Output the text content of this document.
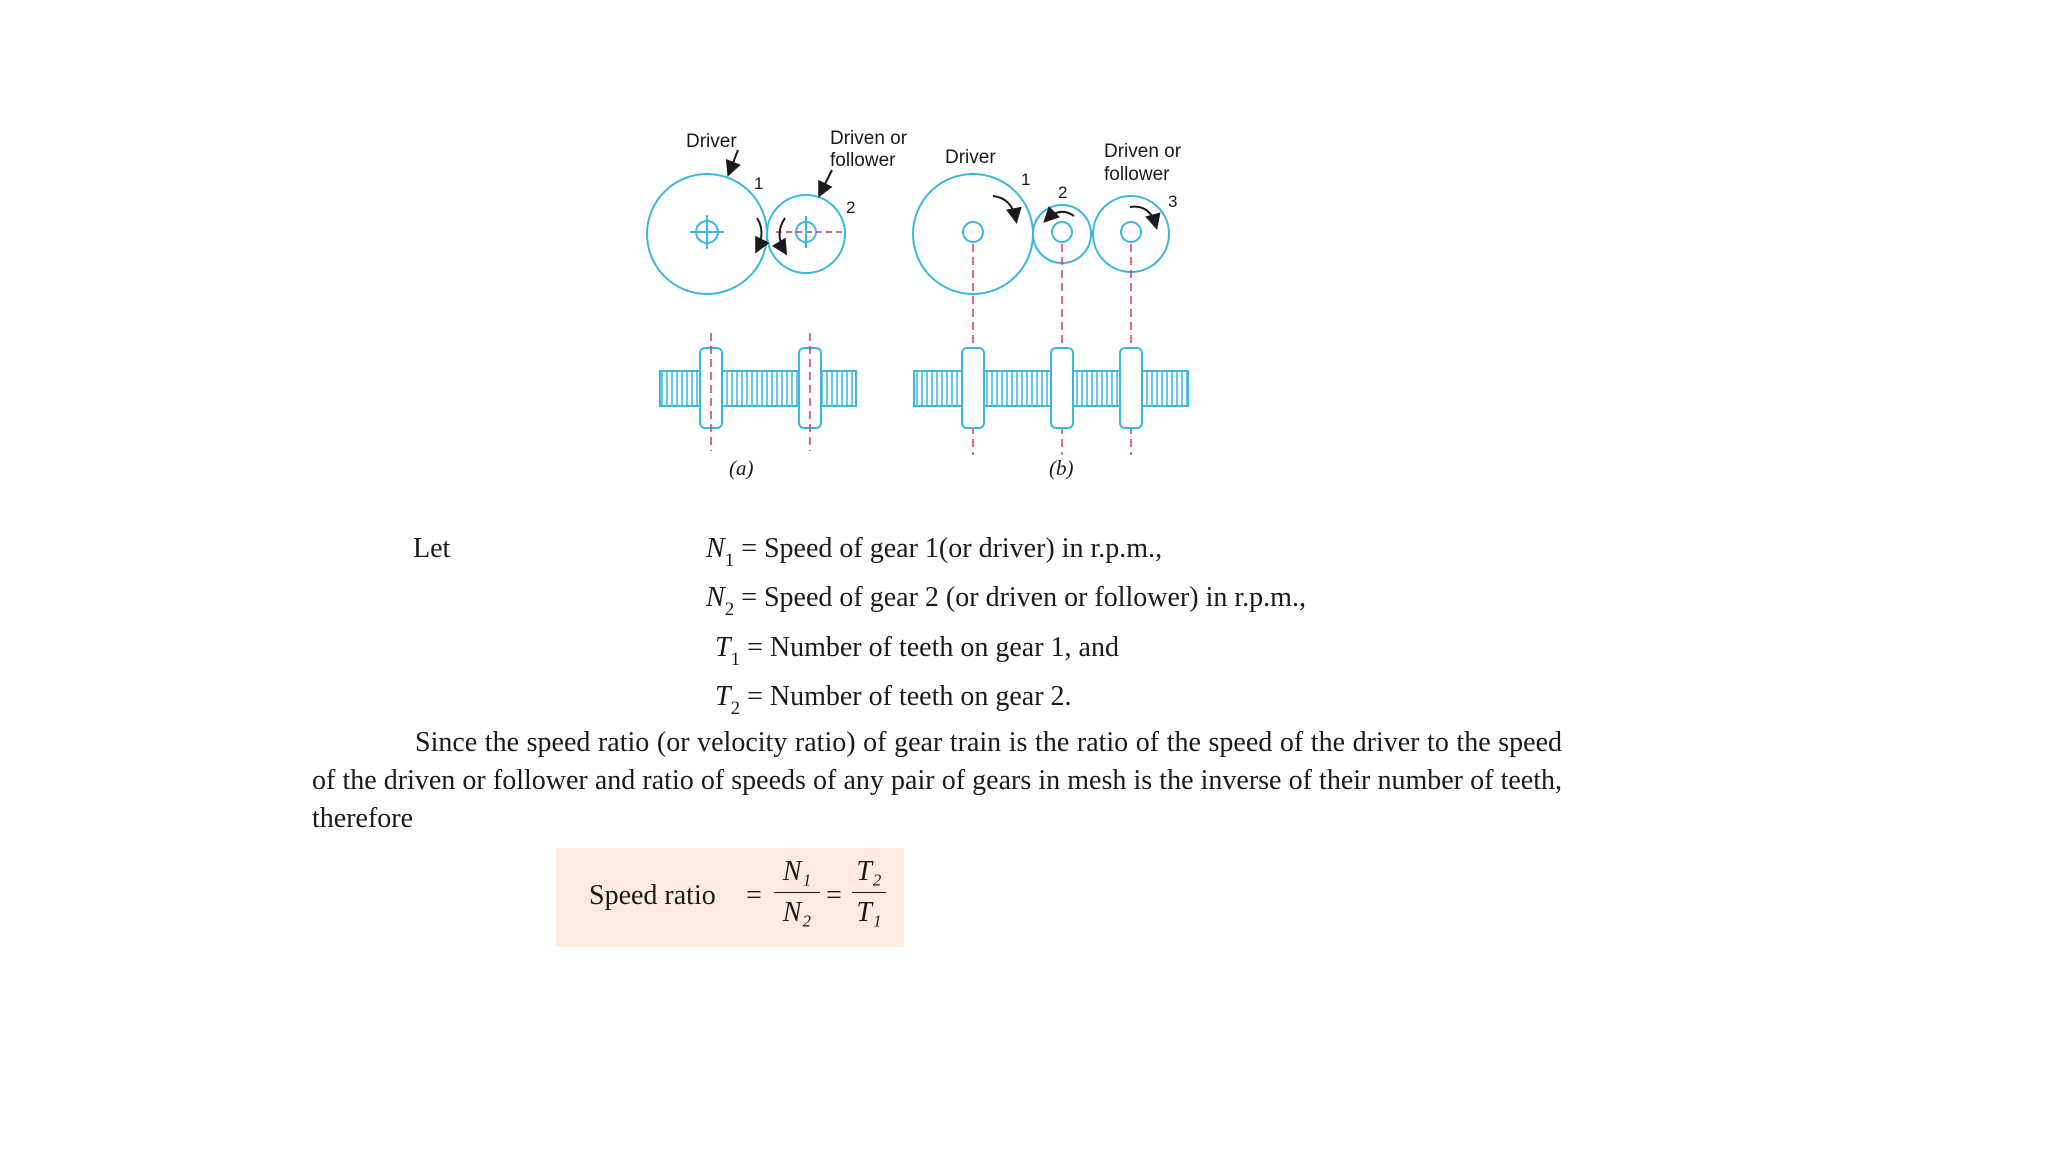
Driver	Driven or
follower
1
2
(a)
Driver	Driven or
follower
1
2	3
(b)
Let	$N_1$ = Speed of gear 1(or driver) in r.p.m.,
$N_2$ = Speed of gear 2 (or driven or follower) in r.p.m.,
$T_1$ = Number of teeth on gear 1, and
$T_2$ = Number of teeth on gear 2.
Since the speed ratio (or velocity ratio) of gear train is the ratio of the speed of the driver to the speed of the driven or follower and ratio of speeds of any pair of gears in mesh is the inverse of their number of teeth, therefore
Speed ratio =
N₁
N₂
=
T₂
T₁
